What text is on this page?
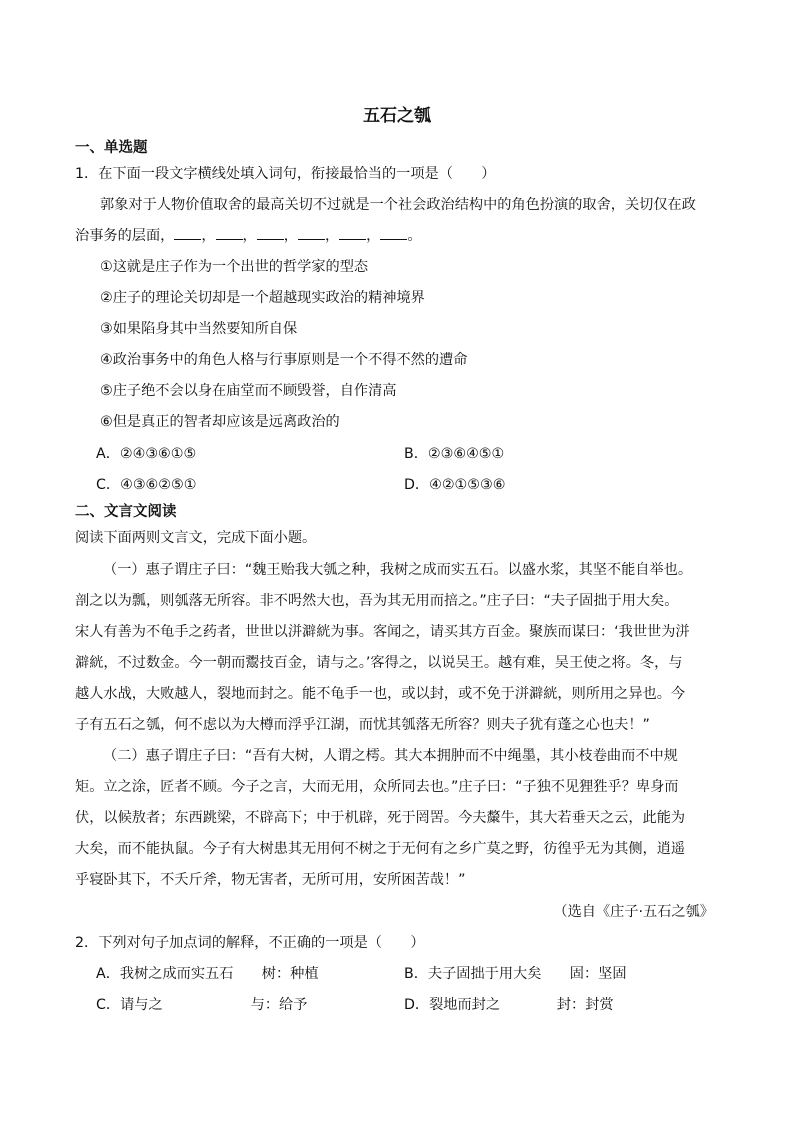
五石之瓠
一、单选题
1．在下面一段文字横线处填入词句，衔接最恰当的一项是（　　）
郭象对于人物价值取舍的最高关切不过就是一个社会政治结构中的角色扮演的取舍，关切仅在政
治事务的层面， ， ， ， ， ， 。
①这就是庄子作为一个出世的哲学家的型态
②庄子的理论关切却是一个超越现实政治的精神境界
③如果陷身其中当然要知所自保
④政治事务中的角色人格与行事原则是一个不得不然的遭命
⑤庄子绝不会以身在庙堂而不顾毁誉，自作清高
⑥但是真正的智者却应该是远离政治的
A．②④③⑥①⑤	B．②③⑥④⑤①
C．④③⑥②⑤①	D．④②①⑤③⑥
二、文言文阅读
阅读下面两则文言文，完成下面小题。
（一）惠子谓庄子曰：“魏王贻我大瓠之种，我树之成而实五石。以盛水浆，其坚不能自举也。
剖之以为瓢，则瓠落无所容。非不呺然大也，吾为其无用而掊之。”庄子曰：“夫子固拙于用大矣。
宋人有善为不龟手之药者，世世以洴澼絖为事。客闻之，请买其方百金。聚族而谋曰：‘我世世为洴
澼絖，不过数金。今一朝而鬻技百金，请与之。’客得之，以说吴王。越有难，吴王使之将。冬，与
越人水战，大败越人，裂地而封之。能不龟手一也，或以封，或不免于洴澼絖，则所用之异也。今
子有五石之瓠，何不虑以为大樽而浮乎江湖，而忧其瓠落无所容？则夫子犹有蓬之心也夫！”
（二）惠子谓庄子曰：“吾有大树，人谓之樗。其大本拥肿而不中绳墨，其小枝卷曲而不中规
矩。立之涂，匠者不顾。今子之言，大而无用，众所同去也。”庄子曰：“子独不见狸狌乎？卑身而
伏，以候敖者；东西跳梁，不辟高下；中于机辟，死于罔罟。今夫斄牛，其大若垂天之云，此能为
大矣，而不能执鼠。今子有大树患其无用何不树之于无何有之乡广莫之野，彷徨乎无为其侧，逍遥
乎寝卧其下，不夭斤斧，物无害者，无所可用，安所困苦哉！”
（选自《庄子·五石之瓠》
2．下列对句子加点词的解释，不正确的一项是（　　）
A．我树之成而实五石　　树：种植	B．夫子固拙于用大矣　　固：坚固
C．请与之	与：给予	D．裂地而封之　　　　封：封赏
